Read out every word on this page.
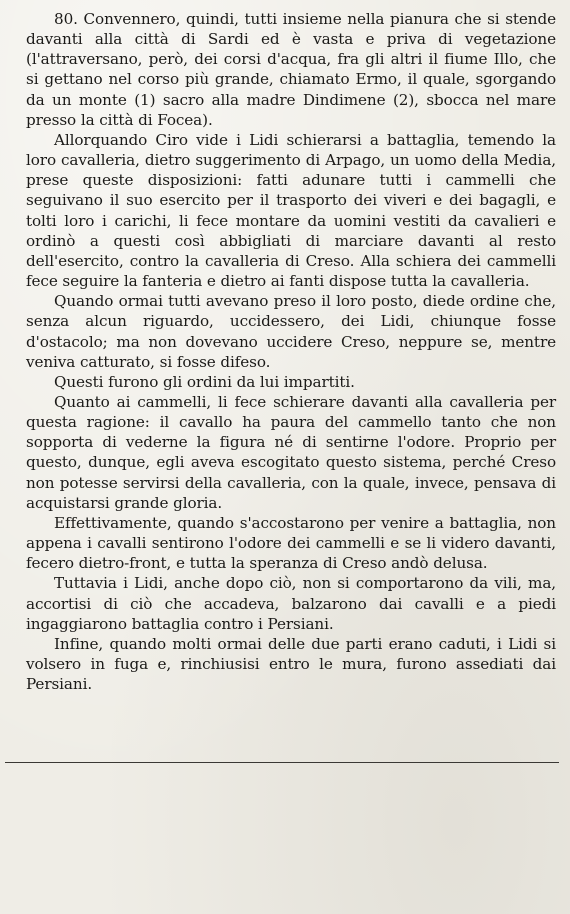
80. Convennero, quindi, tutti insieme nella pianura che si stende davanti alla città di Sardi ed è vasta e priva di vegetazione (l'attraversano, però, dei corsi d'acqua, fra gli altri il fiume Illo, che si gettano nel corso più grande, chiamato Ermo, il quale, sgorgando da un monte (1) sacro alla madre Dindimene (2), sbocca nel mare presso la città di Focea).

Allorquando Ciro vide i Lidi schierarsi a battaglia, temendo la loro cavalleria, dietro suggerimento di Arpago, un uomo della Media, prese queste disposizioni: fatti adunare tutti i cammelli che seguivano il suo esercito per il trasporto dei viveri e dei bagagli, e tolti loro i carichi, li fece montare da uomini vestiti da cavalieri e ordinò a questi così abbigliati di marciare davanti al resto dell'esercito, contro la cavalleria di Creso. Alla schiera dei cammelli fece seguire la fanteria e dietro ai fanti dispose tutta la cavalleria.

Quando ormai tutti avevano preso il loro posto, diede ordine che, senza alcun riguardo, uccidessero, dei Lidi, chiunque fosse d'ostacolo; ma non dovevano uccidere Creso, neppure se, mentre veniva catturato, si fosse difeso.

Questi furono gli ordini da lui impartiti.

Quanto ai cammelli, li fece schierare davanti alla cavalleria per questa ragione: il cavallo ha paura del cammello tanto che non sopporta di vederne la figura né di sentirne l'odore. Proprio per questo, dunque, egli aveva escogitato questo sistema, perché Creso non potesse servirsi della cavalleria, con la quale, invece, pensava di acquistarsi grande gloria.

Effettivamente, quando s'accostarono per venire a battaglia, non appena i cavalli sentirono l'odore dei cammelli e se li videro davanti, fecero dietro-front, e tutta la speranza di Creso andò delusa.

Tuttavia i Lidi, anche dopo ciò, non si comportarono da vili, ma, accortisi di ciò che accadeva, balzarono dai cavalli e a piedi ingaggiarono battaglia contro i Persiani.

Infine, quando molti ormai delle due parti erano caduti, i Lidi si volsero in fuga e, rinchiusisi entro le mura, furono assediati dai Persiani.
